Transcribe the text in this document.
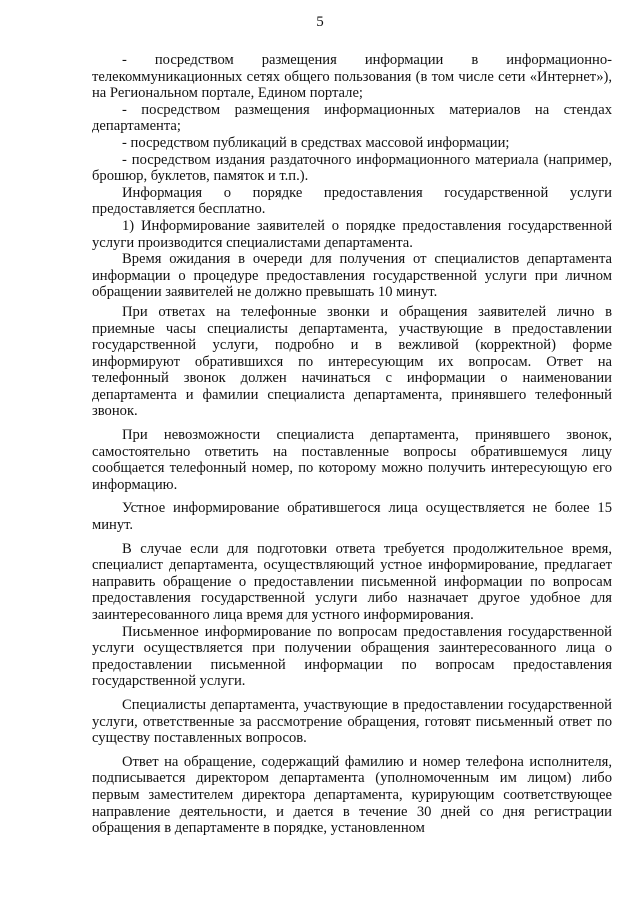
5

- посредством размещения информации в информационно-телекоммуникационных сетях общего пользования (в том числе сети «Интернет»), на Региональном портале, Едином портале;

- посредством размещения информационных материалов на стендах департамента;

- посредством публикаций в средствах массовой информации;

- посредством издания раздаточного информационного материала (например, брошюр, буклетов, памяток и т.п.).

Информация о порядке предоставления государственной услуги предоставляется бесплатно.

1) Информирование заявителей о порядке предоставления государственной услуги производится специалистами департамента.

Время ожидания в очереди для получения от специалистов департамента информации о процедуре предоставления государственной услуги при личном обращении заявителей не должно превышать 10 минут.

При ответах на телефонные звонки и обращения заявителей лично в приемные часы специалисты департамента, участвующие в предоставлении государственной услуги, подробно и в вежливой (корректной) форме информируют обратившихся по интересующим их вопросам. Ответ на телефонный звонок должен начинаться с информации о наименовании департамента и фамилии специалиста департамента, принявшего телефонный звонок.

При невозможности специалиста департамента, принявшего звонок, самостоятельно ответить на поставленные вопросы обратившемуся лицу сообщается телефонный номер, по которому можно получить интересующую его информацию.

Устное информирование обратившегося лица осуществляется не более 15 минут.

В случае если для подготовки ответа требуется продолжительное время, специалист департамента, осуществляющий устное информирование, предлагает направить обращение о предоставлении письменной информации по вопросам предоставления государственной услуги либо назначает другое удобное для заинтересованного лица время для устного информирования.

Письменное информирование по вопросам предоставления государственной услуги осуществляется при получении обращения заинтересованного лица о предоставлении письменной информации по вопросам предоставления государственной услуги.

Специалисты департамента, участвующие в предоставлении государственной услуги, ответственные за рассмотрение обращения, готовят письменный ответ по существу поставленных вопросов.

Ответ на обращение, содержащий фамилию и номер телефона исполнителя, подписывается директором департамента (уполномоченным им лицом) либо первым заместителем директора департамента, курирующим соответствующее направление деятельности, и дается в течение 30 дней со дня регистрации обращения в департаменте в порядке, установленном
